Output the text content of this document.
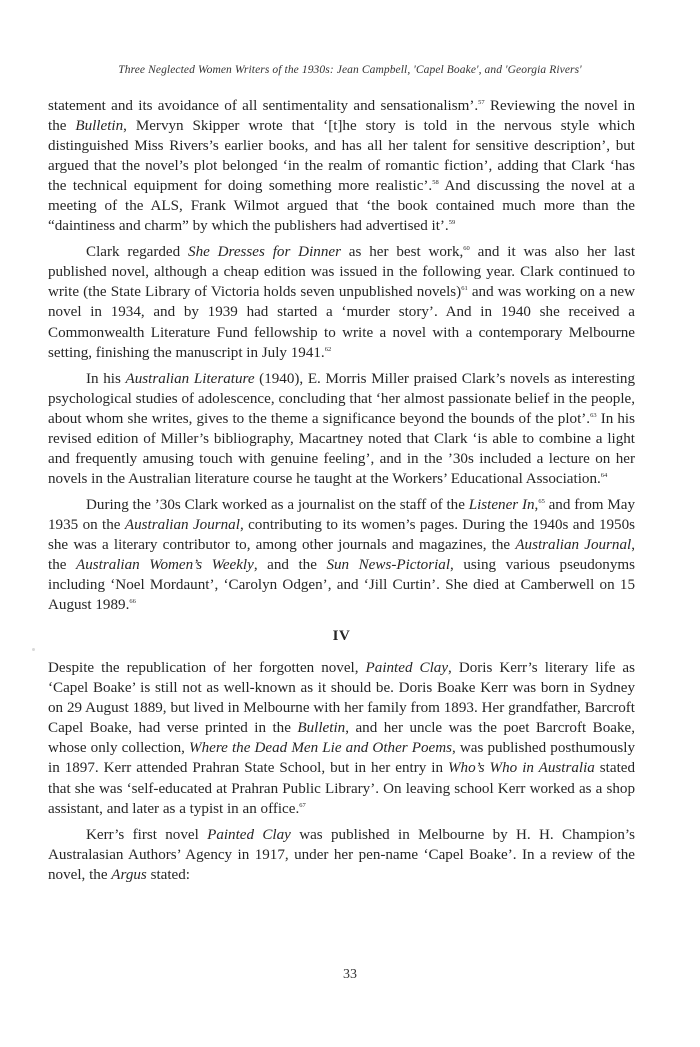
Three Neglected Women Writers of the 1930s: Jean Campbell, 'Capel Boake', and 'Georgia Rivers'

statement and its avoidance of all sentimentality and sensationalism’.$^{57}$ Reviewing the novel in the Bulletin, Mervyn Skipper wrote that ‘[t]he story is told in the nervous style which distinguished Miss Rivers’s earlier books, and has all her talent for sensitive description’, but argued that the novel’s plot belonged ‘in the realm of romantic fiction’, adding that Clark ‘has the technical equipment for doing something more realistic’.$^{58}$ And discussing the novel at a meeting of the ALS, Frank Wilmot argued that ‘the book contained much more than the “daintiness and charm” by which the publishers had advertised it’.$^{59}$

Clark regarded She Dresses for Dinner as her best work,$^{60}$ and it was also her last published novel, although a cheap edition was issued in the following year. Clark continued to write (the State Library of Victoria holds seven unpublished novels)$^{61}$ and was working on a new novel in 1934, and by 1939 had started a ‘murder story’. And in 1940 she received a Commonwealth Literature Fund fellowship to write a novel with a contemporary Melbourne setting, finishing the manuscript in July 1941.62

In his Australian Literature (1940), E. Morris Miller praised Clark’s novels as interesting psychological studies of adolescence, concluding that ‘her almost passionate belief in the people, about whom she writes, gives to the theme a significance beyond the bounds of the plot’.$^{63}$ In his revised edition of Miller’s bibliography, Macartney noted that Clark ‘is able to combine a light and frequently amusing touch with genuine feeling’, and in the ’30s included a lecture on her novels in the Australian literature course he taught at the Workers’ Educational Association.$^{64}$

During the ’30s Clark worked as a journalist on the staff of the Listener In,$^{65}$ and from May 1935 on the Australian Journal, contributing to its women’s pages. During the 1940s and 1950s she was a literary contributor to, among other journals and magazines, the Australian Journal, the Australian Women’s Weekly, and the Sun News-Pictorial, using various pseudonyms including ‘Noel Mordaunt’, ‘Carolyn Odgen’, and ‘Jill Curtin’. She died at Camberwell on 15 August 1989.66

IV

Despite the republication of her forgotten novel, Painted Clay, Doris Kerr’s literary life as ‘Capel Boake’ is still not as well-known as it should be. Doris Boake Kerr was born in Sydney on 29 August 1889, but lived in Melbourne with her family from 1893. Her grandfather, Barcroft Capel Boake, had verse printed in the Bulletin, and her uncle was the poet Barcroft Boake, whose only collection, Where the Dead Men Lie and Other Poems, was published posthumously in 1897. Kerr attended Prahran State School, but in her entry in Who’s Who in Australia stated that she was ‘self-educated at Prahran Public Library’. On leaving school Kerr worked as a shop assistant, and later as a typist in an office.$^{67}$

Kerr’s first novel Painted Clay was published in Melbourne by H. H. Champion’s Australasian Authors’ Agency in 1917, under her pen-name ‘Capel Boake’. In a review of the novel, the Argus stated:

33
